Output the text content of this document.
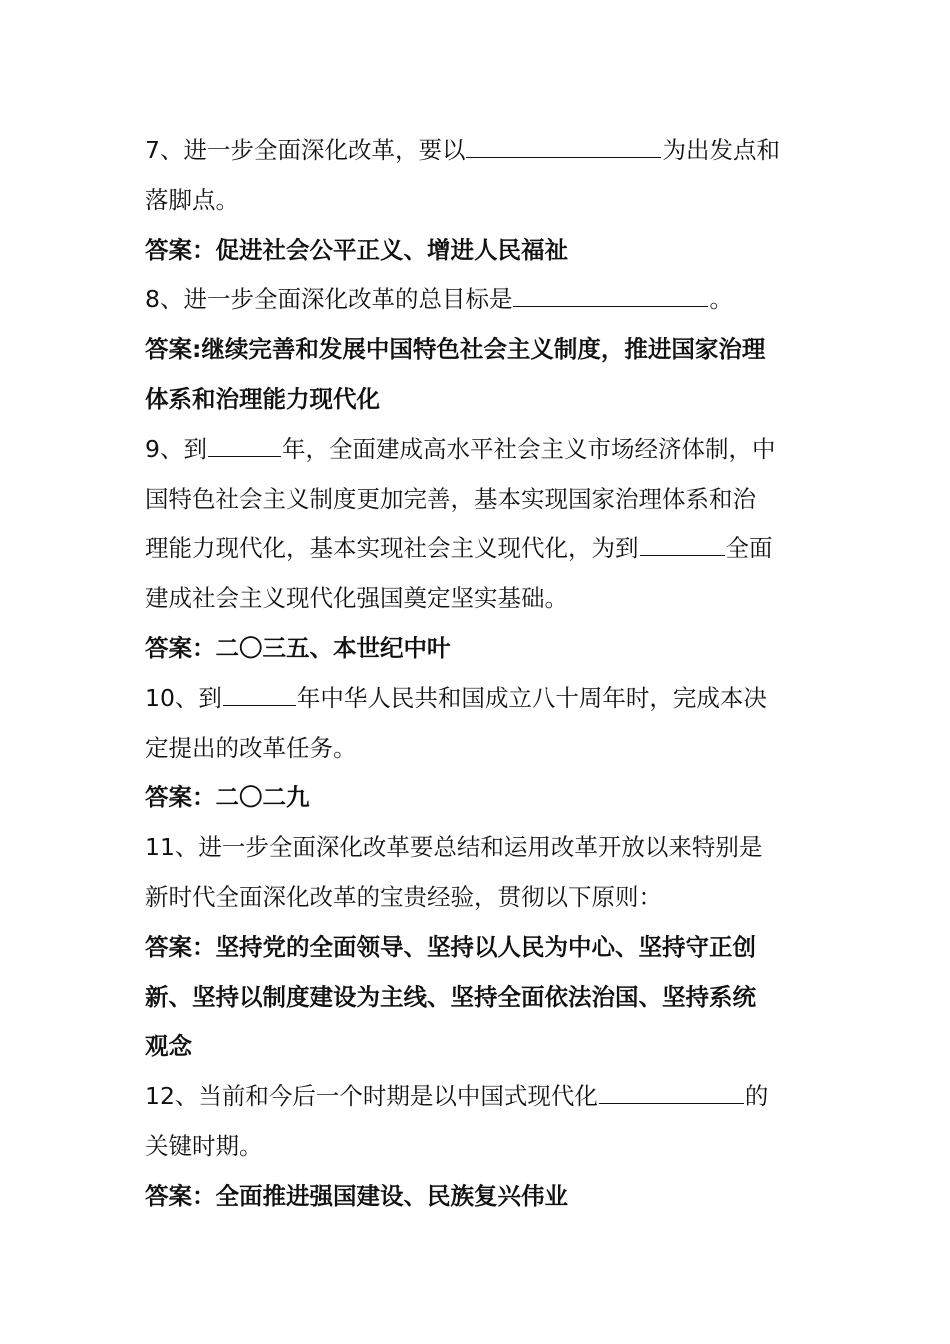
7、进一步全面深化改革，要以	为出发点和
落脚点。
答案：促进社会公平正义、增进人民福祉
8、进一步全面深化改革的总目标是	。
答案:继续完善和发展中国特色社会主义制度，推进国家治理
体系和治理能力现代化
9、到	年，全面建成高水平社会主义市场经济体制，中
国特色社会主义制度更加完善，基本实现国家治理体系和治
理能力现代化，基本实现社会主义现代化，为到	全面
建成社会主义现代化强国奠定坚实基础。
答案：二〇三五、本世纪中叶
10、到	年中华人民共和国成立八十周年时，完成本决
定提出的改革任务。
答案：二〇二九
11、进一步全面深化改革要总结和运用改革开放以来特别是
新时代全面深化改革的宝贵经验，贯彻以下原则：
答案：坚持党的全面领导、坚持以人民为中心、坚持守正创
新、坚持以制度建设为主线、坚持全面依法治国、坚持系统
观念
12、当前和今后一个时期是以中国式现代化	的
关键时期。
答案：全面推进强国建设、民族复兴伟业
